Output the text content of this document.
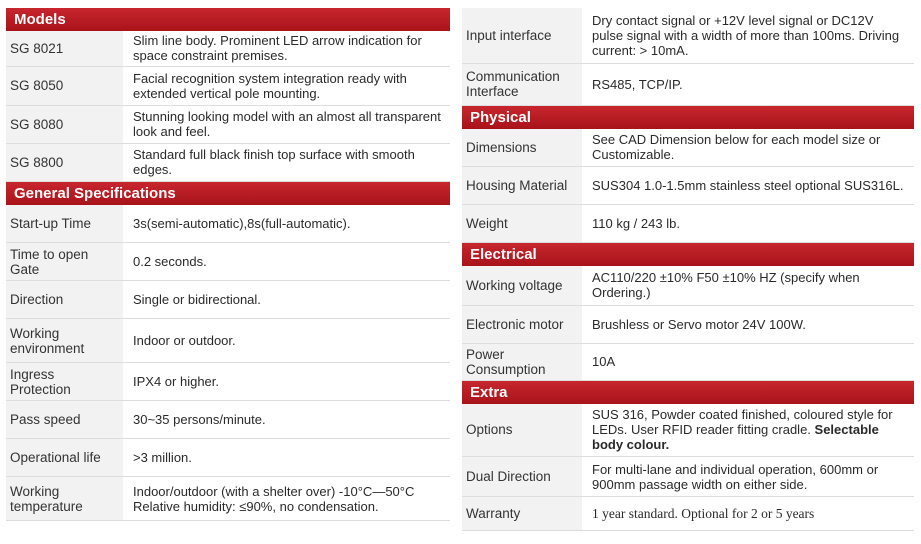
Models
SG 8021	Slim line body. Prominent LED arrow indication for space constraint premises.
SG 8050	Facial recognition system integration ready with extended vertical pole mounting.
SG 8080	Stunning looking model with an almost all transparent look and feel.
SG 8800	Standard full black finish top surface with smooth edges.
General Specifications
Start-up Time	3s(semi-automatic),8s(full-automatic).
Time to open Gate	0.2 seconds.
Direction	Single or bidirectional.
Working environment	Indoor or outdoor.
Ingress Protection	IPX4 or higher.
Pass speed	30~35 persons/minute.
Operational life	>3 million.
Working temperature	Indoor/outdoor (with a shelter over) -10°C—50°C Relative humidity: ≤90%, no condensation.
Input interface	Dry contact signal or +12V level signal or DC12V pulse signal with a width of more than 100ms. Driving current: > 10mA.
Communication Interface	RS485, TCP/IP.
Physical
Dimensions	See CAD Dimension below for each model size or Customizable.
Housing Material	SUS304 1.0-1.5mm stainless steel optional SUS316L.
Weight	110 kg / 243 lb.
Electrical
Working voltage	AC110/220 ±10% F50 ±10% HZ (specify when Ordering.)
Electronic motor	Brushless or Servo motor 24V 100W.
Power Consumption	10A
Extra
Options	SUS 316, Powder coated finished, coloured style for LEDs. User RFID reader fitting cradle. Selectable body colour.
Dual Direction	For multi-lane and individual operation, 600mm or 900mm passage width on either side.
Warranty	1 year standard. Optional for 2 or 5 years
